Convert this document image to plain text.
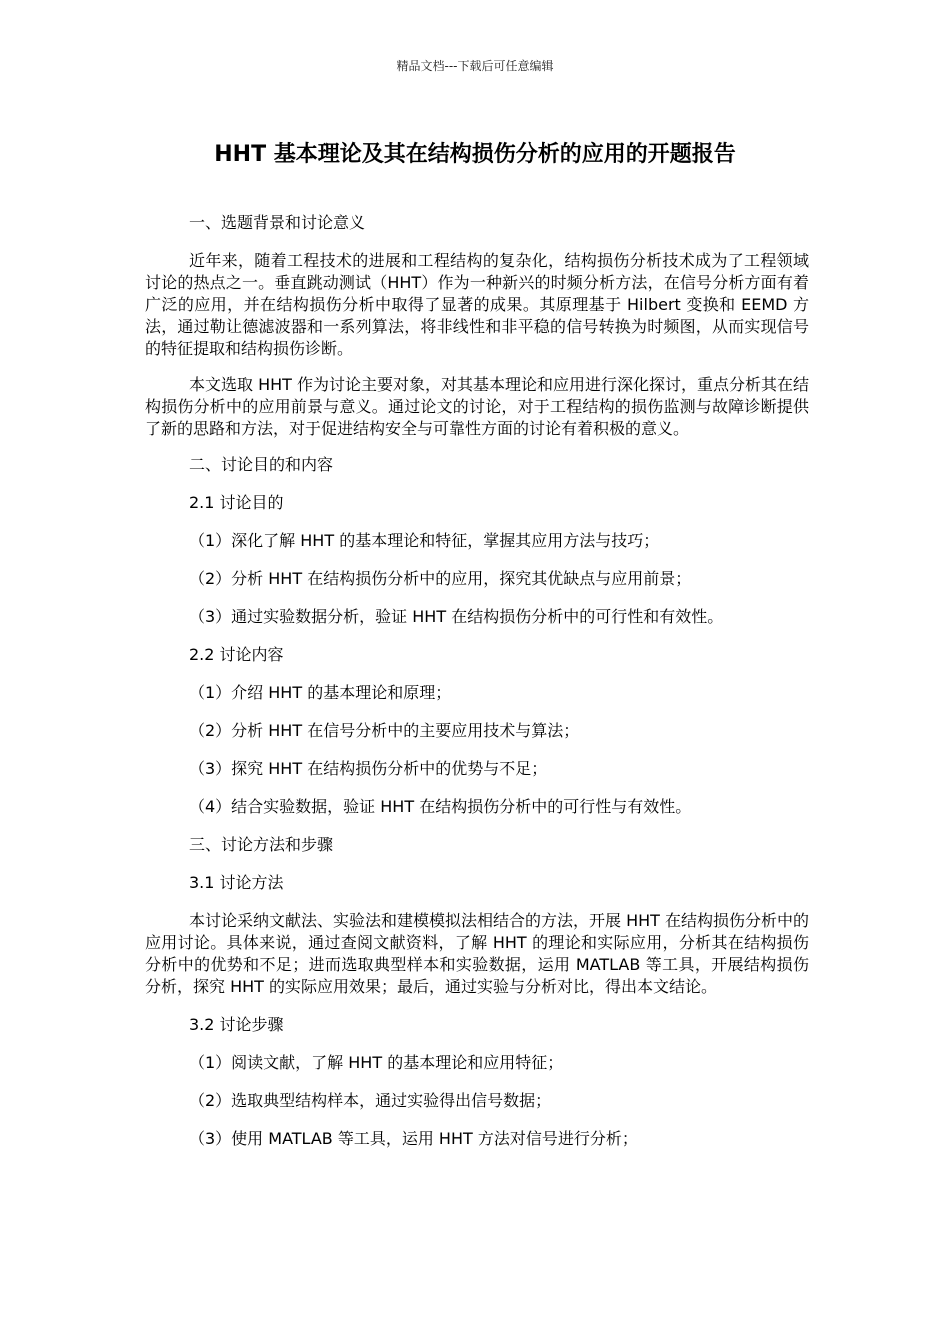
精品文档---下载后可任意编辑
HHT 基本理论及其在结构损伤分析的应用的开题报告

一、选题背景和讨论意义

近年来，随着工程技术的进展和工程结构的复杂化，结构损伤分析技术成为了工程领域讨论的热点之一。垂直跳动测试（HHT）作为一种新兴的时频分析方法，在信号分析方面有着广泛的应用，并在结构损伤分析中取得了显著的成果。其原理基于 Hilbert 变换和 EEMD 方法，通过勒让德滤波器和一系列算法，将非线性和非平稳的信号转换为时频图，从而实现信号的特征提取和结构损伤诊断。

本文选取 HHT 作为讨论主要对象，对其基本理论和应用进行深化探讨，重点分析其在结构损伤分析中的应用前景与意义。通过论文的讨论，对于工程结构的损伤监测与故障诊断提供了新的思路和方法，对于促进结构安全与可靠性方面的讨论有着积极的意义。

二、讨论目的和内容

2.1 讨论目的

（1）深化了解 HHT 的基本理论和特征，掌握其应用方法与技巧；

（2）分析 HHT 在结构损伤分析中的应用，探究其优缺点与应用前景；

（3）通过实验数据分析，验证 HHT 在结构损伤分析中的可行性和有效性。

2.2 讨论内容

（1）介绍 HHT 的基本理论和原理；

（2）分析 HHT 在信号分析中的主要应用技术与算法；

（3）探究 HHT 在结构损伤分析中的优势与不足；

（4）结合实验数据，验证 HHT 在结构损伤分析中的可行性与有效性。

三、讨论方法和步骤

3.1 讨论方法

本讨论采纳文献法、实验法和建模模拟法相结合的方法，开展 HHT 在结构损伤分析中的应用讨论。具体来说，通过查阅文献资料，了解 HHT 的理论和实际应用，分析其在结构损伤分析中的优势和不足；进而选取典型样本和实验数据，运用 MATLAB 等工具，开展结构损伤分析，探究 HHT 的实际应用效果；最后，通过实验与分析对比，得出本文结论。

3.2 讨论步骤

（1）阅读文献，了解 HHT 的基本理论和应用特征；

（2）选取典型结构样本，通过实验得出信号数据；

（3）使用 MATLAB 等工具，运用 HHT 方法对信号进行分析；
